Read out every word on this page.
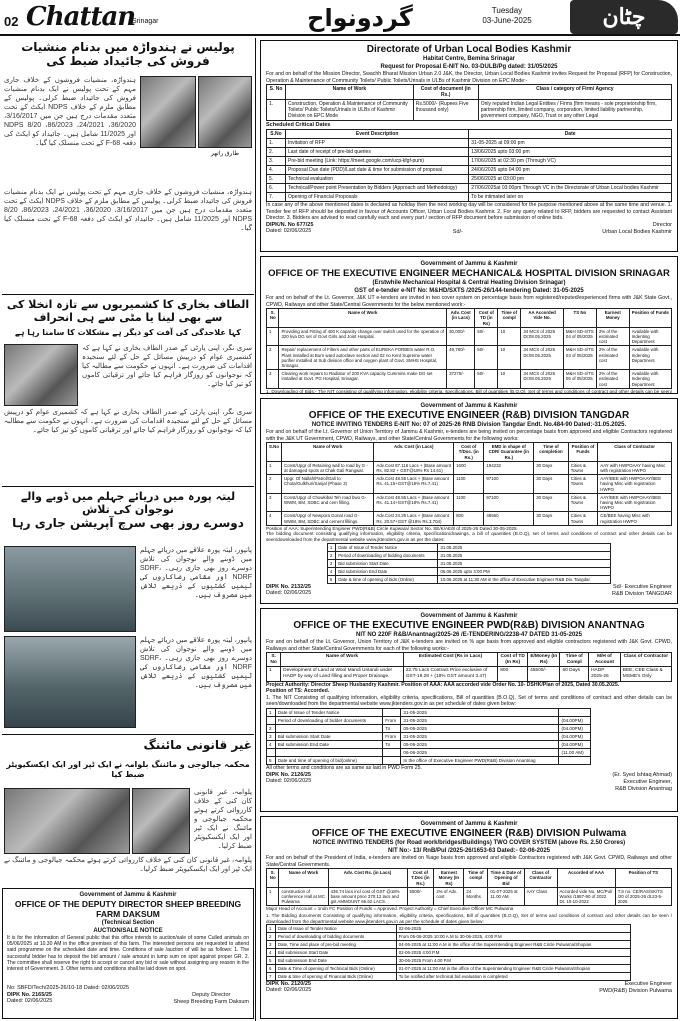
02 Chattan
Srinagar	گردونواح	Tuesday
03-June-2025	چٹان
پولیس نے ہندواڑہ میں بدنام منشیات فروش کی جائیداد ضبط کی
ہندواڑہ، منشیات فروشوں کے خلاف جاری مہم کے تحت پولیس نے ایک بدنام منشیات فروش کی جائیداد ضبط کرلی۔ پولیس کے مطابق ملزم کے خلاف NDPS ایکٹ کے تحت متعدد مقدمات درج ہیں جن میں 3/16/2017، 36/2020، 24/2021، 86/2023، 8/20 NDPS اور 11/2025 شامل ہیں۔ جائیداد کو ایکٹ کی دفعہ 68-F کے تحت منسلک کیا گیا۔
طارق راتھر
ہندواڑہ، منشیات فروشوں کے خلاف جاری مہم کے تحت پولیس نے ایک بدنام منشیات فروش کی جائیداد ضبط کرلی۔ پولیس کے مطابق ملزم کے خلاف NDPS ایکٹ کے تحت متعدد مقدمات درج ہیں جن میں 3/16/2017، 36/2020، 24/2021، 86/2023، 8/20 NDPS اور 11/2025 شامل ہیں۔ جائیداد کو ایکٹ کی دفعہ 68-F کے تحت منسلک کیا گیا۔
الطاف بخاری کا کشمیریوں سے تازہ انخلا کی سے بھی لینا یا مٹی سے ہی انحراف
کہا علاحدگی کی آفت کو دیگر ہے مشکلات کا سامنا رہا ہے
سری نگر، اپنی پارٹی کے صدر الطاف بخاری نے کہا ہے کہ کشمیری عوام کو درپیش مسائل کے حل کے لئے سنجیدہ اقدامات کی ضرورت ہے۔ انہوں نے حکومت سے مطالبہ کیا کہ نوجوانوں کو روزگار فراہم کیا جائے اور ترقیاتی کاموں کو تیز کیا جائے۔
سری نگر، اپنی پارٹی کے صدر الطاف بخاری نے کہا ہے کہ کشمیری عوام کو درپیش مسائل کے حل کے لئے سنجیدہ اقدامات کی ضرورت ہے۔ انہوں نے حکومت سے مطالبہ کیا کہ نوجوانوں کو روزگار فراہم کیا جائے اور ترقیاتی کاموں کو تیز کیا جائے۔
لیتہ پورہ میں دریائے جہلم میں ڈوبے والے نوجوان کی تلاش
دوسرے روز بھی سرچ آپریشن جاری رہا
پانپور، لیتہ پورہ علاقے میں دریائے جہلم میں ڈوبنے والے نوجوان کی تلاش دوسرے روز بھی جاری رہی۔ SDRF، NDRF اور مقامی رضاکاروں کی ٹیمیں کشتیوں کے ذریعے تلاش میں مصروف ہیں۔
پانپور، لیتہ پورہ علاقے میں دریائے جہلم میں ڈوبنے والے نوجوان کی تلاش دوسرے روز بھی جاری رہی۔ SDRF، NDRF اور مقامی رضاکاروں کی ٹیمیں کشتیوں کے ذریعے تلاش میں مصروف ہیں۔
غیر قانونی مائننگ
محکمہ جیالوجی و مائننگ بلوامہ نے ایک ٹپر اور ایک ایکسکیویٹر ضبط کیا
پلوامہ، غیر قانونی کان کنی کے خلاف کارروائی کرتے ہوئے محکمہ جیالوجی و مائننگ نے ایک ٹپر اور ایک ایکسکیویٹر ضبط کرلیا۔
پلوامہ، غیر قانونی کان کنی کے خلاف کارروائی کرتے ہوئے محکمہ جیالوجی و مائننگ نے ایک ٹپر اور ایک ایکسکیویٹر ضبط کرلیا۔
Government of Jammu & Kashmir
OFFICE OF THE DEPUTY DIRECTOR SHEEP BREEDING FARM DAKSUM
(Technical Section
AUCTION/SALE NOTICE
It is for the information of General public that this office intends to auction/sale of some Culled animals on 05/06/2025 at 10.30 AM in the office premises of this farm. The interested persons are requested to attend said programme on the scheduled date and time. Conditions of sale /auction of will be as follows: 1. The successful bidder has to deposit the bid amount / sale amount in lump sum on spot against proper GR. 2. The committee shall reserve the right to accept or cancel any bid or sale without assigning any reason in the interest of Government. 3. Other terms and conditions shall be laid down on spot.
No: SBFD/Tech/2025-26/10-18 Dated: 02/06/2025
DIPK No. 2165/25
Dated: 02/06/2025
Deputy Director
Sheep Breeding Farm Daksum
Directorate of Urban Local Bodies Kashmir
Habitat Centre, Bemina Srinagar
Request for Proposal E-NIT No. 03-DULB/Pg dated: 31/05/2025
For and on behalf of the Mission Director, Swachh Bharat Mission Urban 2.0 J&K, the Director, Urban Local Bodies Kashmir invites Request for Proposal (RFP) for Construction, Operation & Maintenance of Community Toilets/ Public Toilets/Urinals in ULBs of Kashmir Division on EPC Mode:-
S. No	Name of Work	Cost of document (in Rs.)	Class / category of Firm/ Agency
1.	Construction, Operation & Maintenance of Community Toilets/ Public Toilets/Urinals in ULBs of Kashmir Division on EPC Mode	Rs.5000/- (Rupees Five thousand only)	Only reputed Indian Legal Entities / Firms [firm means - sole proprietorship firm, partnership firm, limited company, corporation, limited liability partnership, government company, NGO, Trust or any other Legal
Scheduled Critical Dates
S.No	Event Description	Date
1.	Invitation of RFP	31-05-2025 at 09:00 pm
2.	Last date of receipt of pre-bid queries	13/06/2025 upto 03:00 pm
3.	Pre-bid meeting (Link: https://meet.google.com/ucp-kfgf-pum)	17/06/2025 at 02:30 pm (Through VC)
4.	Proposal Due date (PDD)/Last date & time for submission of proposal	24/06/2025 upto 04:00 pm
5.	Technical evaluation	25/06/2025 at 03:00 pm
6.	Technical/Power point Presentation by Bidders (Approach and Methodology)	27/06/2025at 03:00pm Through VC in the Directorate of Urban Local bodies Kashmir
7.	Opening of Financial Proposals	To be intimated later on
In case any of the above mentioned dates is declared as holiday then the next working day will be considered for the purpose mentioned above at the same time and venue. 1. Tender fee of RFP should be deposited in favour of Accounts Officer, Urban Local Bodies Kashmir. 2. For any query related to RFP, bidders are requested to contact Assistant Director. 3. Bidders are advised to read carefully each and every part / section of RFP document before submission of online bids.
DIPK/N. No 677/25
Dated: 02/06/2025	Sd/-
Director
Urban Local Bodies Kashmir
Government of Jammu & Kashmir
OFFICE OF THE EXECUTIVE ENGINEER MECHANICAL& HOSPITAL DIVISION SRINAGAR
(Erstwhile Mechanical Hospital & Central Heating Division Srinagar)
GST of e-tender e-NIT No: M&HD/SXTS /2025-26/144-tendering Dated: 31-05-2025
For and on behalf of the Lt. Governor, J&K UT e-tenders are invited in two cover system on percentage basis from registered/reputed/experienced firms with J&K State Govt., CPWD, Railways and other State/Central Governments for the below mentioned work:-
S. No	Name of Work	Adv. Cost (in Lacs)	Cost of TD (in Rs)	Time of compl	AA Accorded Vide No.	TS No	Earnest Money	Position of Funds
1	Providing and Fitting of 400 K capacity change over switch used for the operation of 320 kva DG set of Govt Girls and Joint Hospital.	30,000/-	50/-	10	34 MCS of 2025 Dt:08.05.2025	M&H SD-4/TS 04 of 05/2025	2% of the estimated cost	Available with Indenting Department
2	Repair/ replacement of Filters and other parts of EUREKA FORBES water R.O. Plant installed at Burn ward autoclave section and 02 no Kent Supreme water purifier installed at Sub division office and oxygen plant of Govt. SMHS Hospital, Srinagar.	49,780/-	50/-	10	34 MCS of 2025 Dt:08.05.2025	M&H SD-4/TS 03 of 05/2025	2% of the estimated cost	Available with Indenting Department
3	Clearing work repairs to Radiator of 200 KVA capacity Cummins make DG set installed at Govt. PG Hospital, Srinagar.	37275/-	50/-	10	34 MCS of 2025 Dt:08.05.2025	M&H SD-4/TS 05 of 05/2025	2% of the estimated cost	Available with Indenting Department
1. Downloading of Bids:- The NIT consisting of qualifying information, eligibility criteria, specifications, Bill of quantities (B.O.Q), Set of terms and conditions of contract and other details can be seen/
Government of Jammu & Kashmir
OFFICE OF THE EXECUTIVE ENGINEER (R&B) DIVISION TANGDAR
NOTICE INVITING TENDERS E-NIT No: 07 of 2025-26 RNB Division Tangdar Endt. No.484-90 Dated:-31.05.2025.
For and on behalf of the Lt. Governor of Union Territory of Jammu & Kashmir, e-tenders are being invited on percentage basis from approved and eligible Contractors registered with the J&K UT Government, CPWD, Railways, and other State/Central Governments for the following works:
S.No	Name of Work	Adv. Cost (in Lacs)	Cost of T/Doc. (in Rs.)	EMD in shape of CDR/ Guarantee (in Rs.)	Time of completion	Position of Funds	Class of Contractor
1	Const/Upgr of Retaining wall to road by G - at damaged spots at Chak Gali Rangwar.	Adv.Cost 87.116 Lacs + (Base amount Rs. 82.82 + GST@18% Rs 14.61)	1600	194232	30 Days	Cities & Towns	AAY with HWPOAAY having Misc with registration HWPO
2	Upgr. Of Nallah/Patrol/Gali to Chota/Gulkhuri/Sanjal (Phase 3)	Adv.Cost 48.55 Lacs + (Base amount Rs. 41.15+GST@18% Rs.7.41)	1100	97100	30 Days	Cities & Towns	AAY/BEE with HWPOAAY/BEE having Misc with registration HWPO
3	Const/Upgr of Chowkibal Teh road bwo G-WWM, BM, SDBC and cem filling.	Adv.Cost 48.55 Lacs + (Base amount Rs. 41.14+GST@18% Rs.7.41)	1100	97100	30 Days	Cities & Towns	AAY/BEE with HWPOAAY/BEE having Misc with registration HWPO
4	Const/Upgr of Newpora Gonal road G-WWM, BM, SDBC and cement fillings.	Adv.Cost 24.25 Lacs + (Base amount Rs. 20.57+GST @18% Rs.3.704)	800	48560	30 Days	Cities & Towns	CE/BEE having Misc with registration HWPO
Position of AAA: Superintending Engineer PWD(R&B) Circle Kupwara/ Sector No. SE/K/AE/8 of 2025-26 Dated 30-05-2025.
The bidding document consisting qualifying information, eligibility criteria, specification/drawings, a bill of quantities (B.O.Q), set of terms and conditions of contract and other details can be seen/downloaded from the departmental website www.jktenders.gov.in as per the dates:
1	Date of Issue of Tender Notice	31.05.2025
2	Period of downloading of bidding documents	31.05.2025
3	Bid submission Start Date	31.05.2025
4	Bid submission End Date	06.06.2025 upto 4:00 PM
5	Date & time of opening of bids (Online)	10.06.2025 at 11:30 AM in the office of Executive Engineer R&B Div. Tangdar
DIPK No. 2132/25
Dated: 02/06/2025
Sd/- Executive Engineer
R&B Division TANGDAR
Government of Jammu & Kashmir
OFFICE OF THE EXECUTIVE ENGINEER PWD(R&B) DIVISION ANANTNAG
NIT NO 220F R&B/Anantnag/2025-26 /E-TENDERING/2238-47 DATED 31-05-2025
For and on behalf of the Lt. Governor, Union Territory of J&K e-tenders are invited on % age basis from approved and eligible contractors registered with J&K Govt. CPWD, Railways and other State/Central Governments for each of the following works:-
S. No	Name of Work	Estimated Cost (Rs in Lacs)	Cost of TD (In Rs)	E/Money (In Rs)	Time of Compl	M/H of Account	Class of Contractor
1	Development of Land at Wool Mandi Untandi under HADP by way of Land filling and Proper Drainage.	22.75 Lacs Contract Price exclusive of GST-19.28 + (18% GST amount 3.47)	800	45500/-	60 Days	HADP 2025-26	BEE, CEE Class & MSME's Only
Project Authority: Director Sheep Husbandry Kashmir. Position of AAA: AAA accorded vide Order No. 10- DSHK/Plan of 2025, Dated 30.05.2025.
Position of TS: Accorded.
1. The NIT Consisting of qualifying information, eligibility criteria, specifications, Bill of quantities (B.O.Q), Set of terms and conditions of contract and other details can be seen/downloaded from the departmental website www.jktenders.gov.in as per schedule of dates given below:
1	Date of Issue of Tender Notice		31-05-2025	
	Period of downloading of bidder documents	From	31-05-2025	(04.00PM)
2		To	05-06-2025	(04.00PM)
3	Bid submission Start Date	From	31-05-2025	(04.00PM)
4	Bid submission End Date	To	05-06-2025	(04.00PM)
			06-06-2025	(11.00 AM)
5	Date and time of opening of bid(online)		In the office of Executive Engineer PWD(R&B) Division Anantnag	
All other terms and conditions are as same as laid in PWD Form 25.
DIPK No. 2126/25
Dated: 02/06/2025
(Er. Syed Ishtaq Ahmad)
Executive Engineer,
R&B Division Anantnag
Government of Jammu & Kashmir
OFFICE OF THE EXECUTIVE ENGINEER (R&B) DIVISION Pulwama
NOTICE INVITING TENDERS (for Road work/bridges/Buildings) TWO COVER SYSTEM (above Rs. 2.50 Crores)
NIT No:- 13/ RnB/Pul /2025-26/1653-63 Dated:- 02-06-2025
For and on behalf of the President of India, e-tenders are invited on %age basis from approved and eligible Contractors registered with J&K Govt. CPWD, Railways and other State/Central Governments.
S. No	Name of Work	Adv. Cost Rs. (in Lacs)	Cost of T.Doc (in Rs.)	Earnest Money (In Rs)	Time of compl	Time & Date of Opening of Bid	Class of Contractor	Accorded of AAA	Position of TS
1	construction of conference Hall at MC Pulwama	436.74 lacs incl cost of GST @18% base amount price 370.12 lacs and gst AMMOUNT 66.62 LACS.	5500/-	2% of Adv. cost	24 Months	01-07-2025 at 11.00 AM	AAY Class	Accorded vide No. MC/Pul/ Works /1987-90 of 2022 Dt. 10-10-2022	T.S no. CE/RAS/SK/TS /20 of 2025-26 dt.23-5-2025
Major Head of Account = 1ndn FC Position of Funds = Approved. Project Authority = Chief Executive Officer MC Pulwama
1. The Bidding documents Consisting of qualifying information, eligibility criteria, specifications, Bill of quantities (B.O.Q), Set of terms and conditions of contract and other details can be seen / downloaded from the departmental website www.jktenders.gov.in as per the schedule of dates given below:
1	Date of Issue of Tender Notice	02-06-2025
2	Period of downloading of bidding documents	From 05-06-2025 10:00 A.M to 30-06-2025, 4:00 P.M
3	Date, Time and place of pre-bid meeting	04-06-2025 at 11:00 A.M in the office of the Superintending Engineer R&B Circle Pulwama/Shopian
4	Bid submission Start Date	02-06-2025 4:00 P.M
5	Bid submission End Date	30-06-2025 From 4.00 P.M
6	Date & Time of opening of Technical Bids (Online)	01-07-2025 at 11:00 AM in the office of the Superintending Engineer R&B Circle Pulwama/Shopian
7	Date & time of opening of Financial Bids (Online)	To be notified after technical bid evaluation is completed
DIPK No. 2120/25
Dated: 02/06/2025
Executive Engineer
PWD(R&B) Division Pulwama
